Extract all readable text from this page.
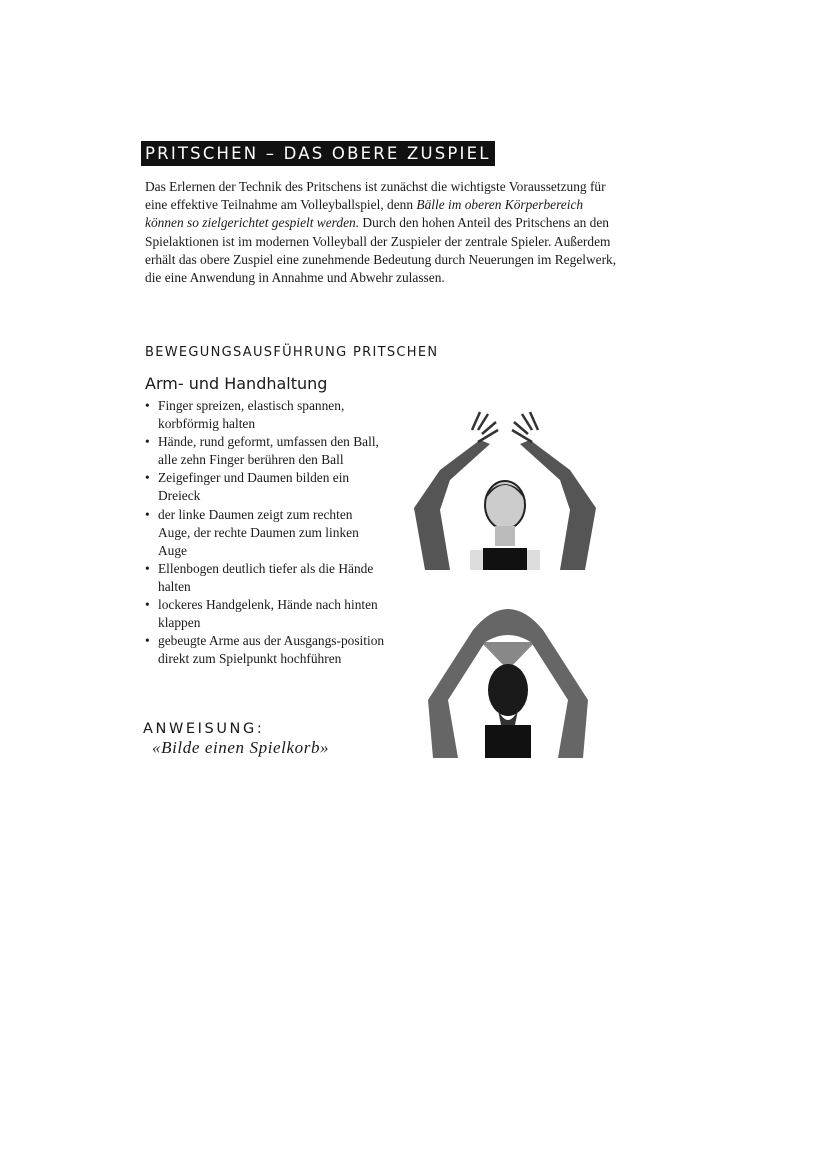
PRITSCHEN – DAS OBERE ZUSPIEL

Das Erlernen der Technik des Pritschens ist zunächst die wichtigste Voraussetzung für eine effektive Teilnahme am Volleyballspiel, denn Bälle im oberen Körperbereich können so zielgerichtet gespielt werden. Durch den hohen Anteil des Pritschens an den Spielaktionen ist im modernen Volleyball der Zuspieler der zentrale Spieler. Außerdem erhält das obere Zuspiel eine zunehmende Bedeutung durch Neuerungen im Regelwerk, die eine Anwendung in Annahme und Abwehr zulassen.

BEWEGUNGSAUSFÜHRUNG PRITSCHEN
Arm- und Handhaltung
• Finger spreizen, elastisch spannen, korbförmig halten
• Hände, rund geformt, umfassen den Ball, alle zehn Finger berühren den Ball
• Zeigefinger und Daumen bilden ein Dreieck
• der linke Daumen zeigt zum rechten Auge, der rechte Daumen zum linken Auge
• Ellenbogen deutlich tiefer als die Hände halten
• lockeres Handgelenk, Hände nach hinten klappen
• gebeugte Arme aus der Ausgangs-position direkt zum Spielpunkt hochführen
ANWEISUNG:
«Bilde einen Spielkorb»
